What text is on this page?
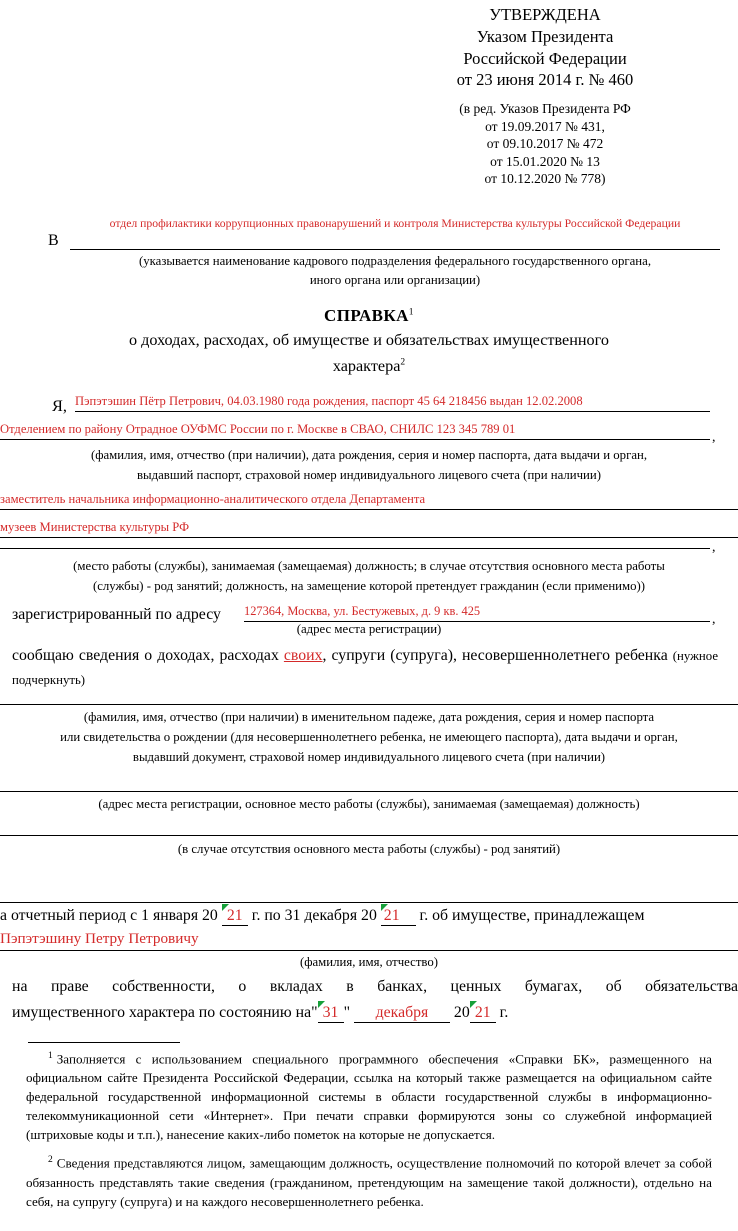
УТВЕРЖДЕНА
Указом Президента
Российской Федерации
от 23 июня 2014 г. № 460
(в ред. Указов Президента РФ
от 19.09.2017 № 431,
от 09.10.2017 № 472
от 15.01.2020 № 13
от 10.12.2020 № 778)
В
отдел профилактики коррупционных правонарушений и контроля Министерства культуры Российской Федерации
(указывается наименование кадрового подразделения федерального государственного органа,
иного органа или организации)
СПРАВКА$^1$
о доходах, расходах, об имуществе и обязательствах имущественного
характера$^2$
Я, Пэпэтэшин Пётр Петрович, 04.03.1980 года рождения, паспорт 45 64 218456 выдан 12.02.2008
Отделением по району Отрадное ОУФМС России по г. Москве в СВАО, СНИЛС 123 345 789 01
,
(фамилия, имя, отчество (при наличии), дата рождения, серия и номер паспорта, дата выдачи и орган,
выдавший паспорт, страховой номер индивидуального лицевого счета (при наличии)
заместитель начальника информационно-аналитического отдела Департамента
музеев Министерства культуры РФ
,
(место работы (службы), занимаемая (замещаемая) должность; в случае отсутствия основного места работы
(службы) - род занятий; должность, на замещение которой претендует гражданин (если применимо))
зарегистрированный по адресу 127364, Москва, ул. Бестужевых, д. 9 кв. 425
,
(адрес места регистрации)
сообщаю сведения о доходах, расходах своих, супруги (супруга), несовершеннолетнего ребенка (нужное подчеркнуть)
(фамилия, имя, отчество (при наличии) в именительном падеже, дата рождения, серия и номер паспорта
или свидетельства о рождении (для несовершеннолетнего ребенка, не имеющего паспорта), дата выдачи и орган,
выдавший документ, страховой номер индивидуального лицевого счета (при наличии)
(адрес места регистрации, основное место работы (службы), занимаемая (замещаемая) должность)
(в случае отсутствия основного места работы (службы) - род занятий)
а отчетный период с 1 января 20 21 г. по 31 декабря 20 21 г. об имуществе, принадлежащем
Пэпэтэшину Петру Петровичу
(фамилия, имя, отчество)
на праве собственности, о вкладах в банках, ценных бумагах, об обязательства
имущественного характера по состоянию на" 31 " декабря 20 21 г.
$^1$ Заполняется с использованием специального программного обеспечения «Справки БК», размещенного на официальном сайте Президента Российской Федерации, ссылка на который также размещается на официальном сайте федеральной государственной информационной системы в области государственной службы в информационно-телекоммуникационной сети «Интернет». При печати справки формируются зоны со служебной информацией (штриховые коды и т.п.), нанесение каких-либо пометок на которые не допускается.
$^2$ Сведения представляются лицом, замещающим должность, осуществление полномочий по которой влечет за собой обязанность представлять такие сведения (гражданином, претендующим на замещение такой должности), отдельно на себя, на супругу (супруга) и на каждого несовершеннолетнего ребенка.
